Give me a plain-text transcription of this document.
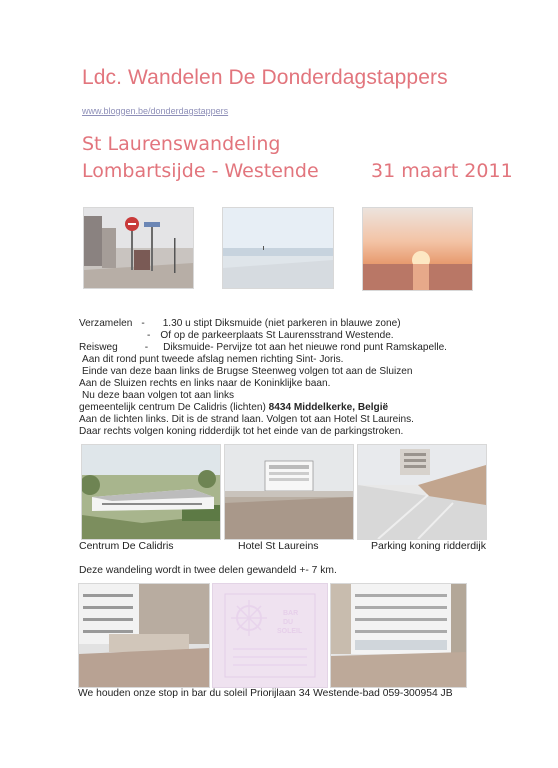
Ldc. Wandelen De Donderdagstappers
www.bloggen.be/donderdagstappers
St Laurenswandeling
Lombartsijde - Westende	31 maart 2011
Verzamelen - 1.30 u stipt Diksmuide (niet parkeren in blauwe zone)
- Of op de parkeerplaats St Laurensstrand Westende.
Reisweg	- Diksmuide- Pervijze tot aan het nieuwe rond punt Ramskapelle.
Aan dit rond punt tweede afslag nemen richting Sint- Joris.
Einde van deze baan links de Brugse Steenweg volgen tot aan de Sluizen
Aan de Sluizen rechts en links naar de Koninklijke baan.
Nu deze baan volgen tot aan links
gemeentelijk centrum De Calidris (lichten) 8434 Middelkerke, België
Aan de lichten links. Dit is de strand laan. Volgen tot aan Hotel St Laureins.
Daar rechts volgen koning ridderdijk tot het einde van de parkingstroken.
Centrum De Calidris	Hotel St Laureins	Parking koning ridderdijk
Deze wandeling wordt in twee delen gewandeld +- 7 km.
BAR
DU
SOLEIL
We houden onze stop in bar du soleil Priorijlaan 34 Westende-bad 059-300954 JB
